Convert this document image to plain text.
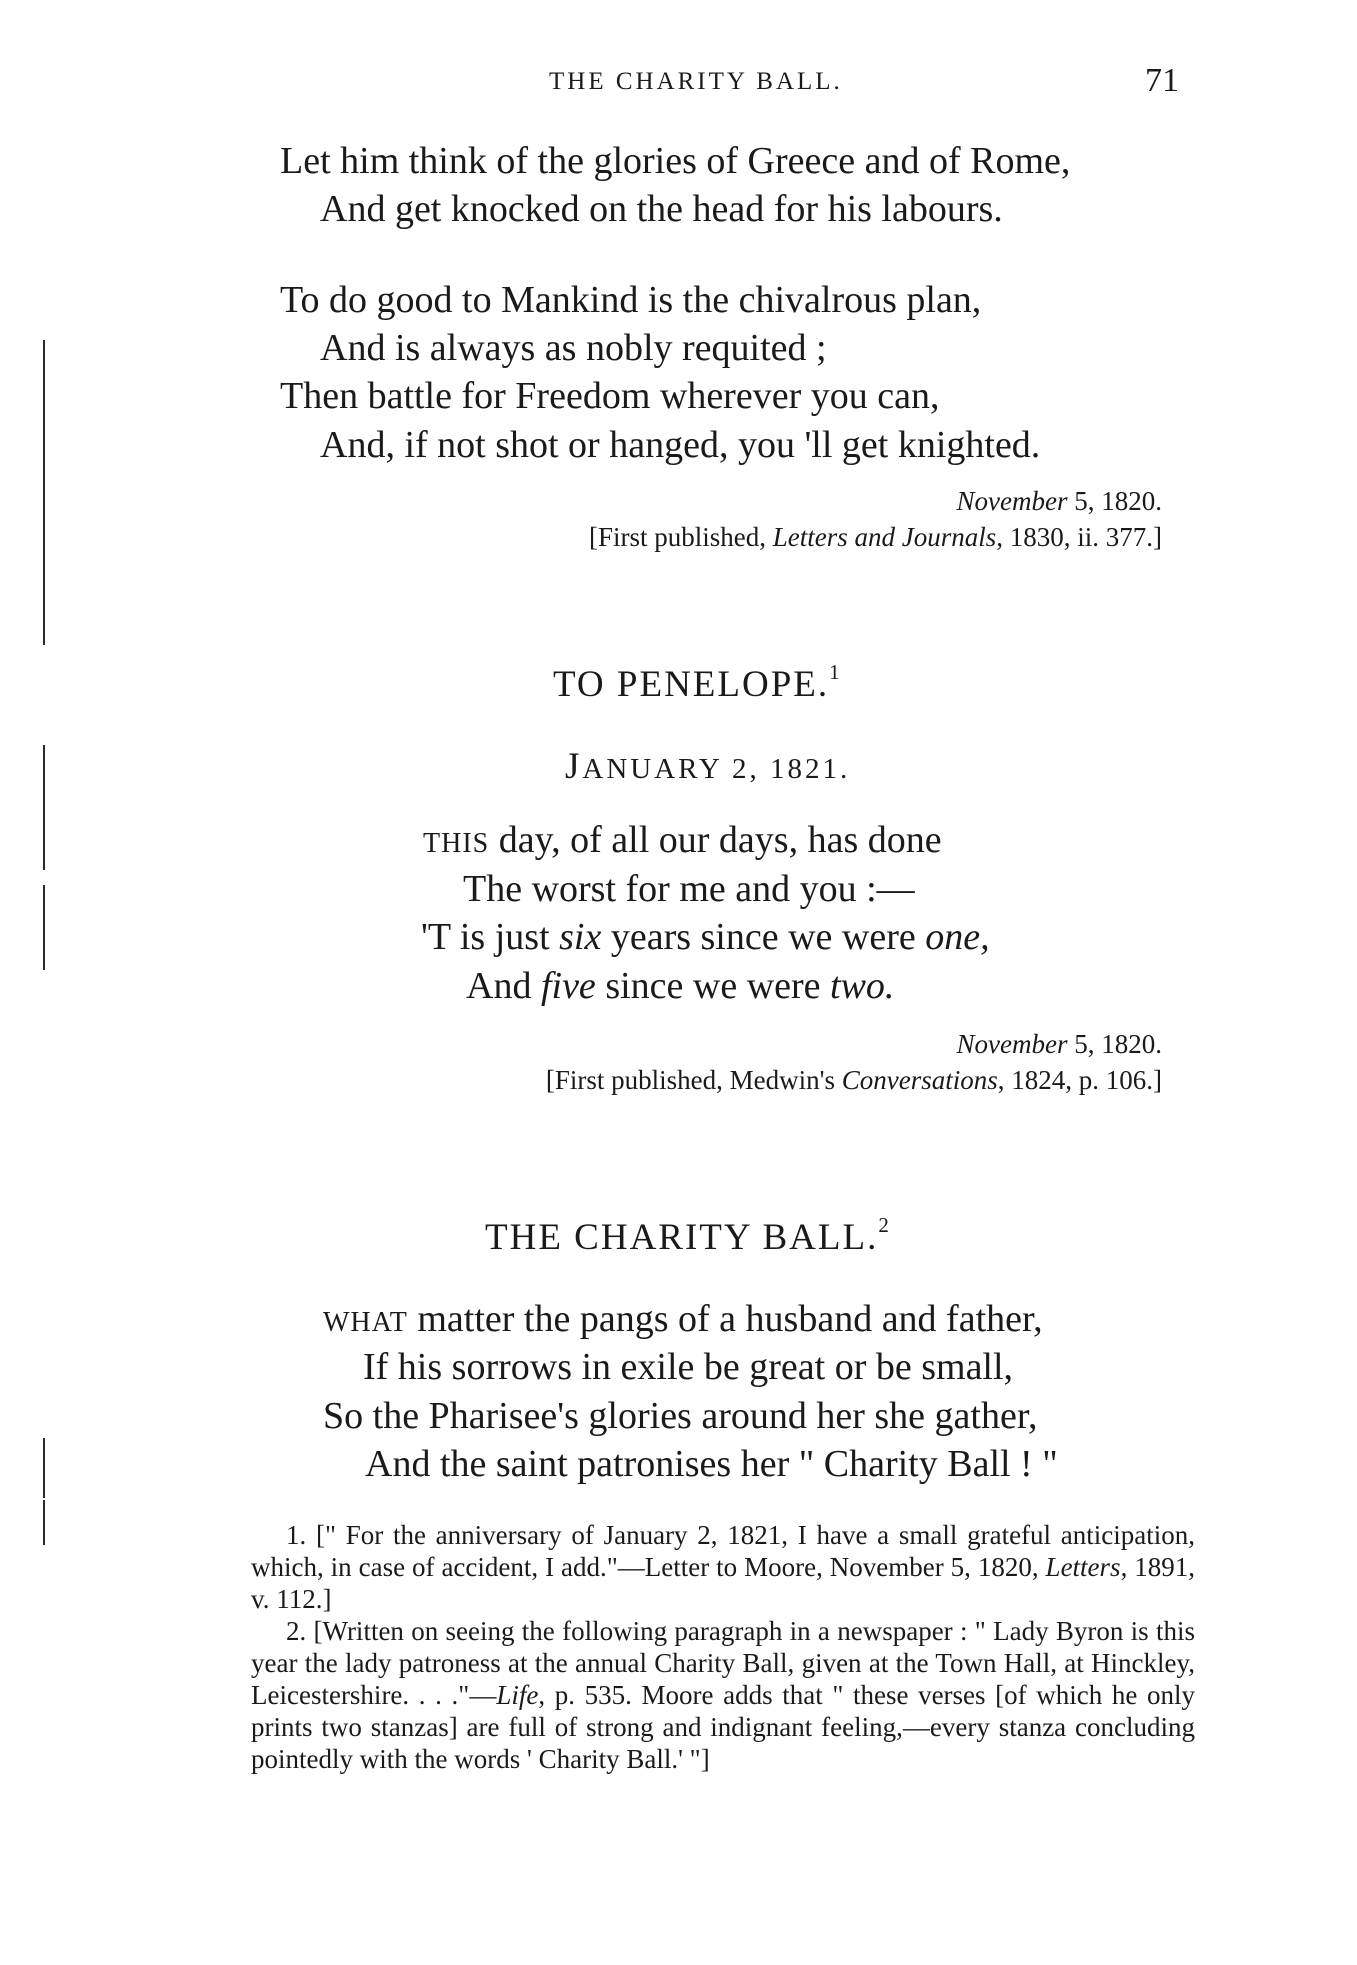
THE CHARITY BALL.	71
Let him think of the glories of Greece and of Rome,
And get knocked on the head for his labours.
To do good to Mankind is the chivalrous plan,
And is always as nobly requited ;
Then battle for Freedom wherever you can,
And, if not shot or hanged, you 'll get knighted.
November 5, 1820.
[First published, Letters and Journals, 1830, ii. 377.]
TO PENELOPE.$^1$
JANUARY 2, 1821.
THIS day, of all our days, has done
The worst for me and you :—
'T is just six years since we were one,
And five since we were two.
November 5, 1820.
[First published, Medwin's Conversations, 1824, p. 106.]
THE CHARITY BALL.$^2$
WHAT matter the pangs of a husband and father,
If his sorrows in exile be great or be small,
So the Pharisee's glories around her she gather,
And the saint patronises her " Charity Ball ! "

1. [" For the anniversary of January 2, 1821, I have a small grateful anticipation, which, in case of accident, I add."—Letter to Moore, November 5, 1820, Letters, 1891, v. 112.]

2. [Written on seeing the following paragraph in a newspaper : " Lady Byron is this year the lady patroness at the annual Charity Ball, given at the Town Hall, at Hinckley, Leicestershire. . . ."—Life, p. 535. Moore adds that " these verses [of which he only prints two stanzas] are full of strong and indignant feeling,—every stanza concluding pointedly with the words ' Charity Ball.' "]
